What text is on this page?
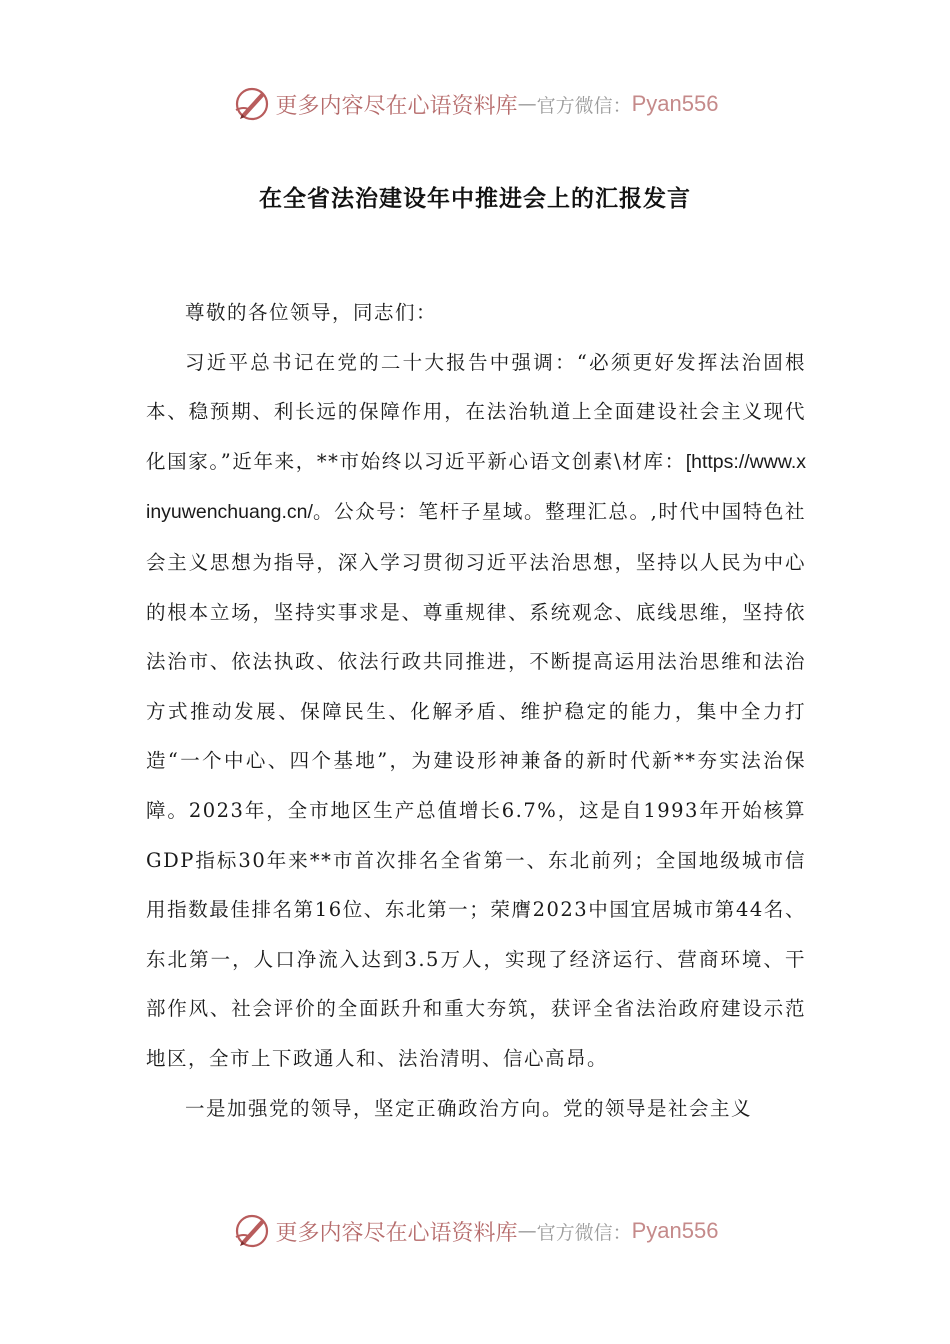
更多内容尽在心语资料库 — 官方微信： Pyan556
在全省法治建设年中推进会上的汇报发言

尊敬的各位领导，同志们：

习近平总书记在党的二十大报告中强调：“必须更好发挥法治固根本、稳预期、利长远的保障作用，在法治轨道上全面建设社会主义现代化国家。”近年来，**市始终以习近平新心语文创素\材库：[https://www.xinyuwenchuang.cn/。公众号：笔杆子星域。整理汇总。,时代中国特色社会主义思想为指导，深入学习贯彻习近平法治思想，坚持以人民为中心的根本立场，坚持实事求是、尊重规律、系统观念、底线思维，坚持依法治市、依法执政、依法行政共同推进，不断提高运用法治思维和法治方式推动发展、保障民生、化解矛盾、维护稳定的能力，集中全力打造“一个中心、四个基地”，为建设形神兼备的新时代新**夯实法治保障。2023年，全市地区生产总值增长6.7%，这是自1993年开始核算GDP指标30年来**市首次排名全省第一、东北前列；全国地级城市信用指数最佳排名第16位、东北第一；荣膺2023中国宜居城市第44名、东北第一，人口净流入达到3.5万人，实现了经济运行、营商环境、干部作风、社会评价的全面跃升和重大夯筑，获评全省法治政府建设示范地区，全市上下政通人和、法治清明、信心高昂。

一是加强党的领导，坚定正确政治方向。党的领导是社会主义

更多内容尽在心语资料库 — 官方微信： Pyan556
